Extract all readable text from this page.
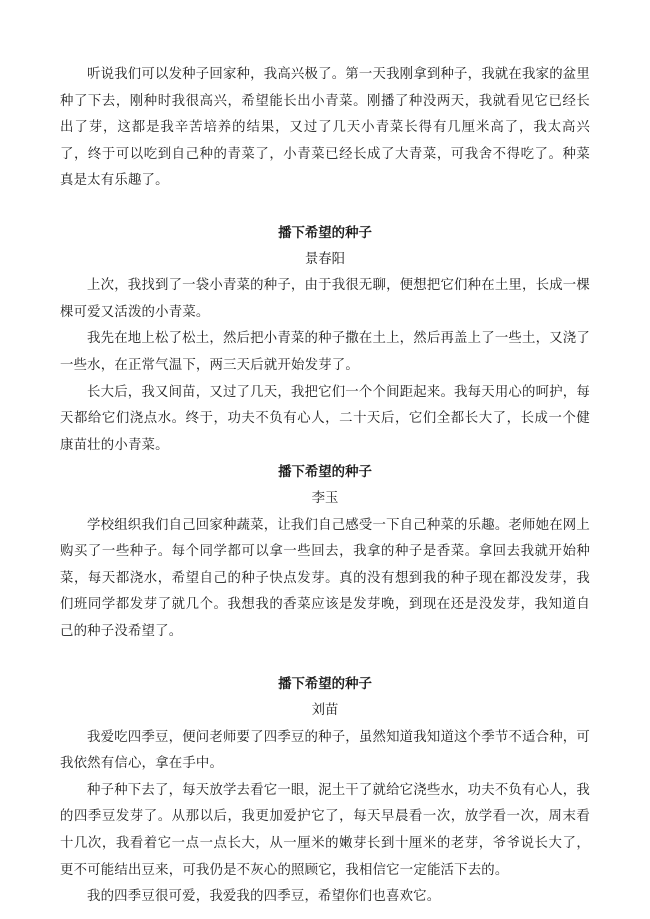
听说我们可以发种子回家种，我高兴极了。第一天我刚拿到种子，我就在我家的盆里种了下去，刚种时我很高兴，希望能长出小青菜。刚播了种没两天，我就看见它已经长出了芽，这都是我辛苦培养的结果，又过了几天小青菜长得有几厘米高了，我太高兴了，终于可以吃到自己种的青菜了，小青菜已经长成了大青菜，可我舍不得吃了。种菜真是太有乐趣了。

播下希望的种子

景春阳

上次，我找到了一袋小青菜的种子，由于我很无聊，便想把它们种在土里，长成一棵棵可爱又活泼的小青菜。

我先在地上松了松土，然后把小青菜的种子撒在土上，然后再盖上了一些土，又浇了一些水，在正常气温下，两三天后就开始发芽了。

长大后，我又间苗，又过了几天，我把它们一个个间距起来。我每天用心的呵护，每天都给它们浇点水。终于，功夫不负有心人，二十天后，它们全都长大了，长成一个健康苗壮的小青菜。

播下希望的种子

李玉

学校组织我们自己回家种蔬菜，让我们自己感受一下自己种菜的乐趣。老师她在网上购买了一些种子。每个同学都可以拿一些回去，我拿的种子是香菜。拿回去我就开始种菜，每天都浇水，希望自己的种子快点发芽。真的没有想到我的种子现在都没发芽，我们班同学都发芽了就几个。我想我的香菜应该是发芽晚，到现在还是没发芽，我知道自己的种子没希望了。

播下希望的种子

刘苗

我爱吃四季豆，便问老师要了四季豆的种子，虽然知道我知道这个季节不适合种，可我依然有信心，拿在手中。

种子种下去了，每天放学去看它一眼，泥土干了就给它浇些水，功夫不负有心人，我的四季豆发芽了。从那以后，我更加爱护它了，每天早晨看一次，放学看一次，周末看十几次，我看着它一点一点长大，从一厘米的嫩芽长到十厘米的老芽，爷爷说长大了，更不可能结出豆来，可我仍是不灰心的照顾它，我相信它一定能活下去的。

我的四季豆很可爱，我爱我的四季豆，希望你们也喜欢它。
